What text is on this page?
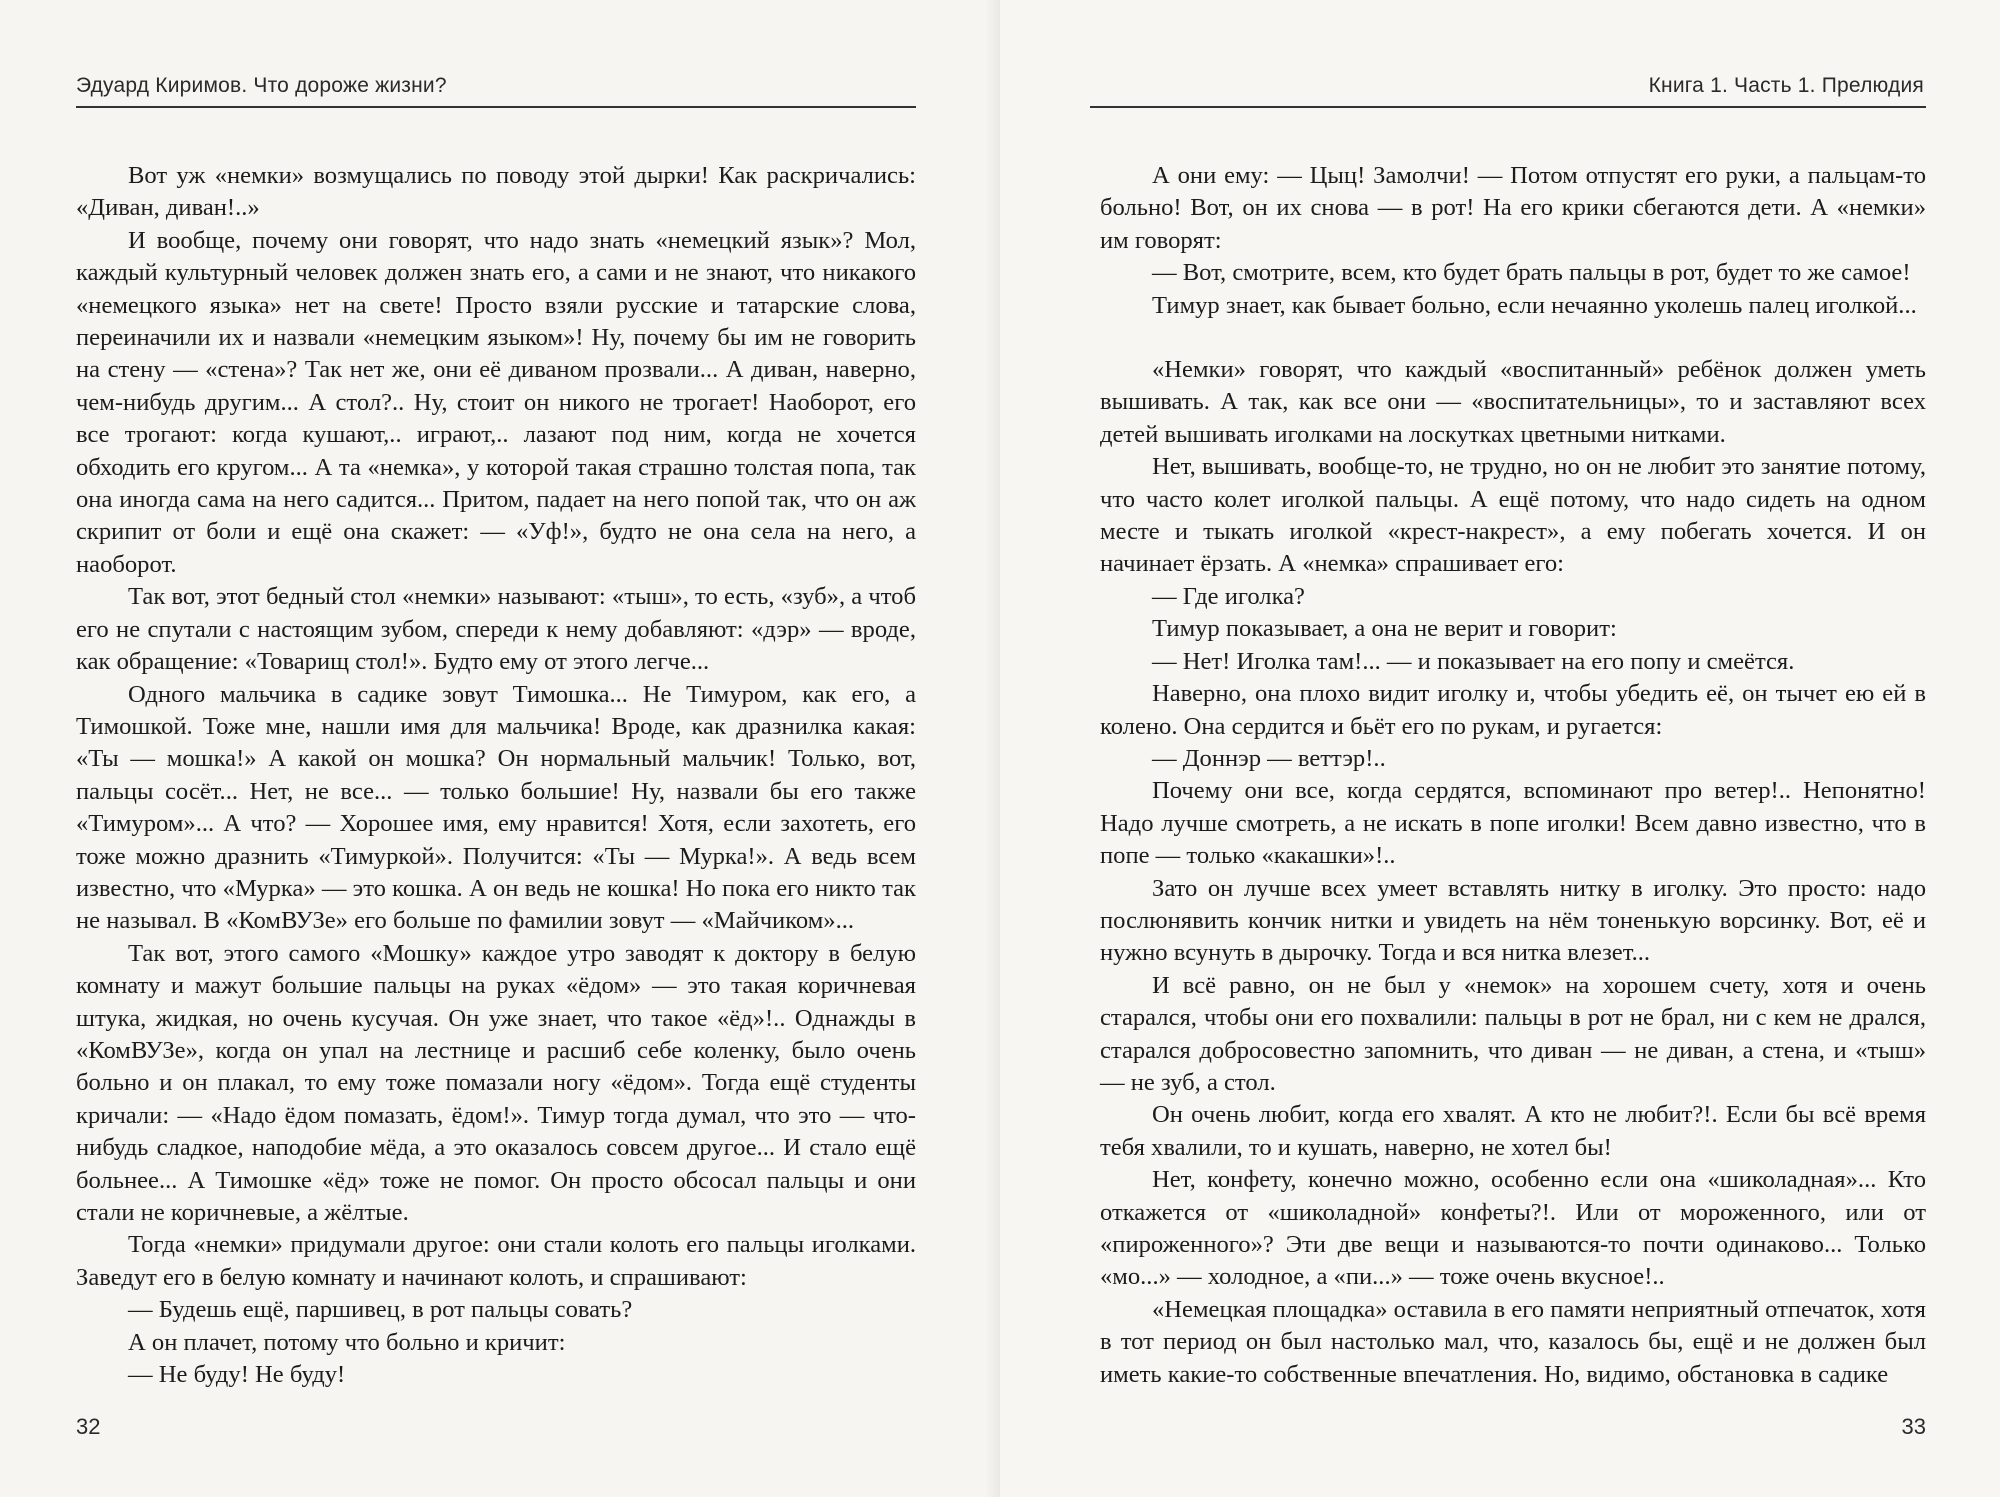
Эдуард Киримов. Что дороже жизни?

Вот уж «немки» возмущались по поводу этой дырки! Как раскричались: «Диван, диван!..»

И вообще, почему они говорят, что надо знать «немецкий язык»? Мол, каждый культурный человек должен знать его, а сами и не знают, что никакого «немецкого языка» нет на свете! Просто взяли русские и татарские слова, переиначили их и назвали «немецким языком»! Ну, почему бы им не говорить на стену — «стена»? Так нет же, они её диваном прозвали... А диван, наверно, чем-нибудь другим... А стол?.. Ну, стоит он никого не трогает! Наоборот, его все трогают: когда кушают,.. играют,.. лазают под ним, когда не хочется обходить его кругом... А та «немка», у которой такая страшно толстая попа, так она иногда сама на него садится... Притом, падает на него попой так, что он аж скрипит от боли и ещё она скажет: — «Уф!», будто не она села на него, а наоборот.

Так вот, этот бедный стол «немки» называют: «тыш», то есть, «зуб», а чтоб его не спутали с настоящим зубом, спереди к нему добавляют: «дэр» — вроде, как обращение: «Товарищ стол!». Будто ему от этого легче...

Одного мальчика в садике зовут Тимошка... Не Тимуром, как его, а Тимошкой. Тоже мне, нашли имя для мальчика! Вроде, как дразнилка какая: «Ты — мошка!» А какой он мошка? Он нормальный мальчик! Только, вот, пальцы сосёт... Нет, не все... — только большие! Ну, назвали бы его также «Тимуром»... А что? — Хорошее имя, ему нравится! Хотя, если захотеть, его тоже можно дразнить «Тимуркой». Получится: «Ты — Мурка!». А ведь всем известно, что «Мурка» — это кошка. А он ведь не кошка! Но пока его никто так не называл. В «КомВУЗе» его больше по фамилии зовут — «Майчиком»...

Так вот, этого самого «Мошку» каждое утро заводят к доктору в белую комнату и мажут большие пальцы на руках «ёдом» — это такая коричневая штука, жидкая, но очень кусучая. Он уже знает, что такое «ёд»!.. Однажды в «КомВУЗе», когда он упал на лестнице и расшиб себе коленку, было очень больно и он плакал, то ему тоже помазали ногу «ёдом». Тогда ещё студенты кричали: — «Надо ёдом помазать, ёдом!». Тимур тогда думал, что это — что-нибудь сладкое, наподобие мёда, а это оказалось совсем другое... И стало ещё больнее... А Тимошке «ёд» тоже не помог. Он просто обсосал пальцы и они стали не коричневые, а жёлтые.

Тогда «немки» придумали другое: они стали колоть его пальцы иголками. Заведут его в белую комнату и начинают колоть, и спрашивают:

— Будешь ещё, паршивец, в рот пальцы совать?

А он плачет, потому что больно и кричит:

— Не буду! Не буду!

32
Книга 1. Часть 1. Прелюдия

А они ему: — Цыц! Замолчи! — Потом отпустят его руки, а пальцам-то больно! Вот, он их снова — в рот! На его крики сбегаются дети. А «немки» им говорят:

— Вот, смотрите, всем, кто будет брать пальцы в рот, будет то же самое!

Тимур знает, как бывает больно, если нечаянно уколешь палец иголкой...

«Немки» говорят, что каждый «воспитанный» ребёнок должен уметь вышивать. А так, как все они — «воспитательницы», то и заставляют всех детей вышивать иголками на лоскутках цветными нитками.

Нет, вышивать, вообще-то, не трудно, но он не любит это занятие потому, что часто колет иголкой пальцы. А ещё потому, что надо сидеть на одном месте и тыкать иголкой «крест-накрест», а ему побегать хочется. И он начинает ёрзать. А «немка» спрашивает его:

— Где иголка?

Тимур показывает, а она не верит и говорит:

— Нет! Иголка там!... — и показывает на его попу и смеётся.

Наверно, она плохо видит иголку и, чтобы убедить её, он тычет ею ей в колено. Она сердится и бьёт его по рукам, и ругается:

— Доннэр — веттэр!..

Почему они все, когда сердятся, вспоминают про ветер!.. Непонятно! Надо лучше смотреть, а не искать в попе иголки! Всем давно известно, что в попе — только «какашки»!..

Зато он лучше всех умеет вставлять нитку в иголку. Это просто: надо послюнявить кончик нитки и увидеть на нём тоненькую ворсинку. Вот, её и нужно всунуть в дырочку. Тогда и вся нитка влезет...

И всё равно, он не был у «немок» на хорошем счету, хотя и очень старался, чтобы они его похвалили: пальцы в рот не брал, ни с кем не дрался, старался добросовестно запомнить, что диван — не диван, а стена, и «тыш» — не зуб, а стол.

Он очень любит, когда его хвалят. А кто не любит?!. Если бы всё время тебя хвалили, то и кушать, наверно, не хотел бы!

Нет, конфету, конечно можно, особенно если она «шиколадная»... Кто откажется от «шиколадной» конфеты?!. Или от мороженного, или от «пироженного»? Эти две вещи и называются-то почти одинаково... Только «мо...» — холодное, а «пи...» — тоже очень вкусное!..

«Немецкая площадка» оставила в его памяти неприятный отпечаток, хотя в тот период он был настолько мал, что, казалось бы, ещё и не должен был иметь какие-то собственные впечатления. Но, видимо, обстановка в садике

33
